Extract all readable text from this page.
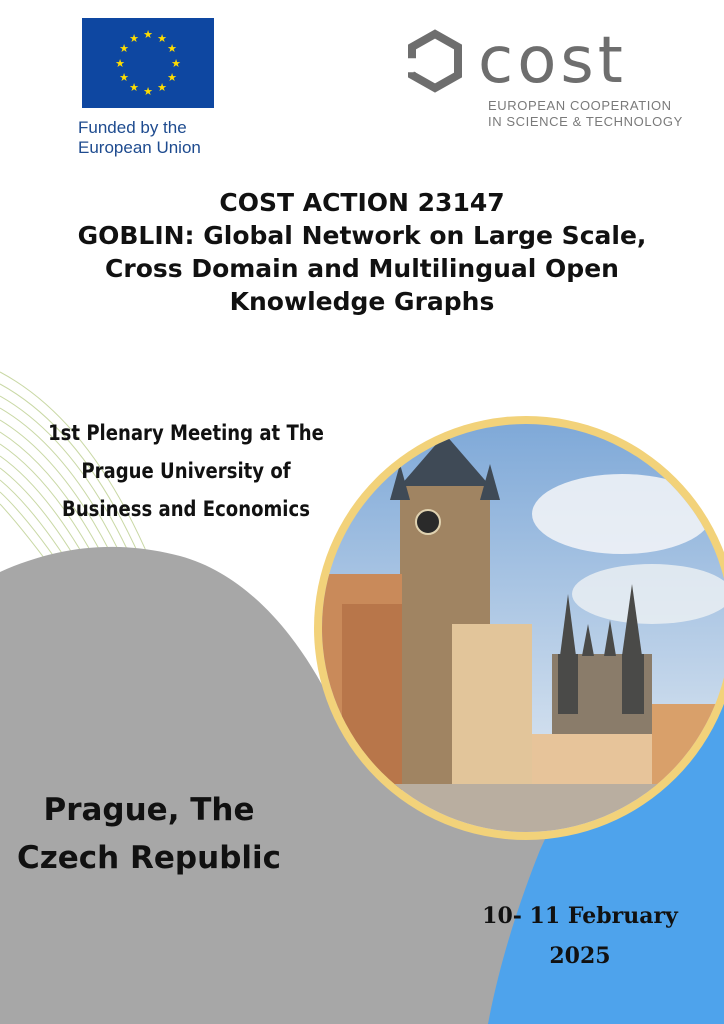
★ ★
★
★
★
★
★
★
★
★
★
★
Funded by the
European Union
cost
EUROPEAN COOPERATION
IN SCIENCE & TECHNOLOGY
COST ACTION 23147
GOBLIN: Global Network on Large Scale,
Cross Domain and Multilingual Open
Knowledge Graphs
1st Plenary Meeting at The
Prague University of
Business and Economics
Prague, The
Czech Republic
10- 11 February
2025
